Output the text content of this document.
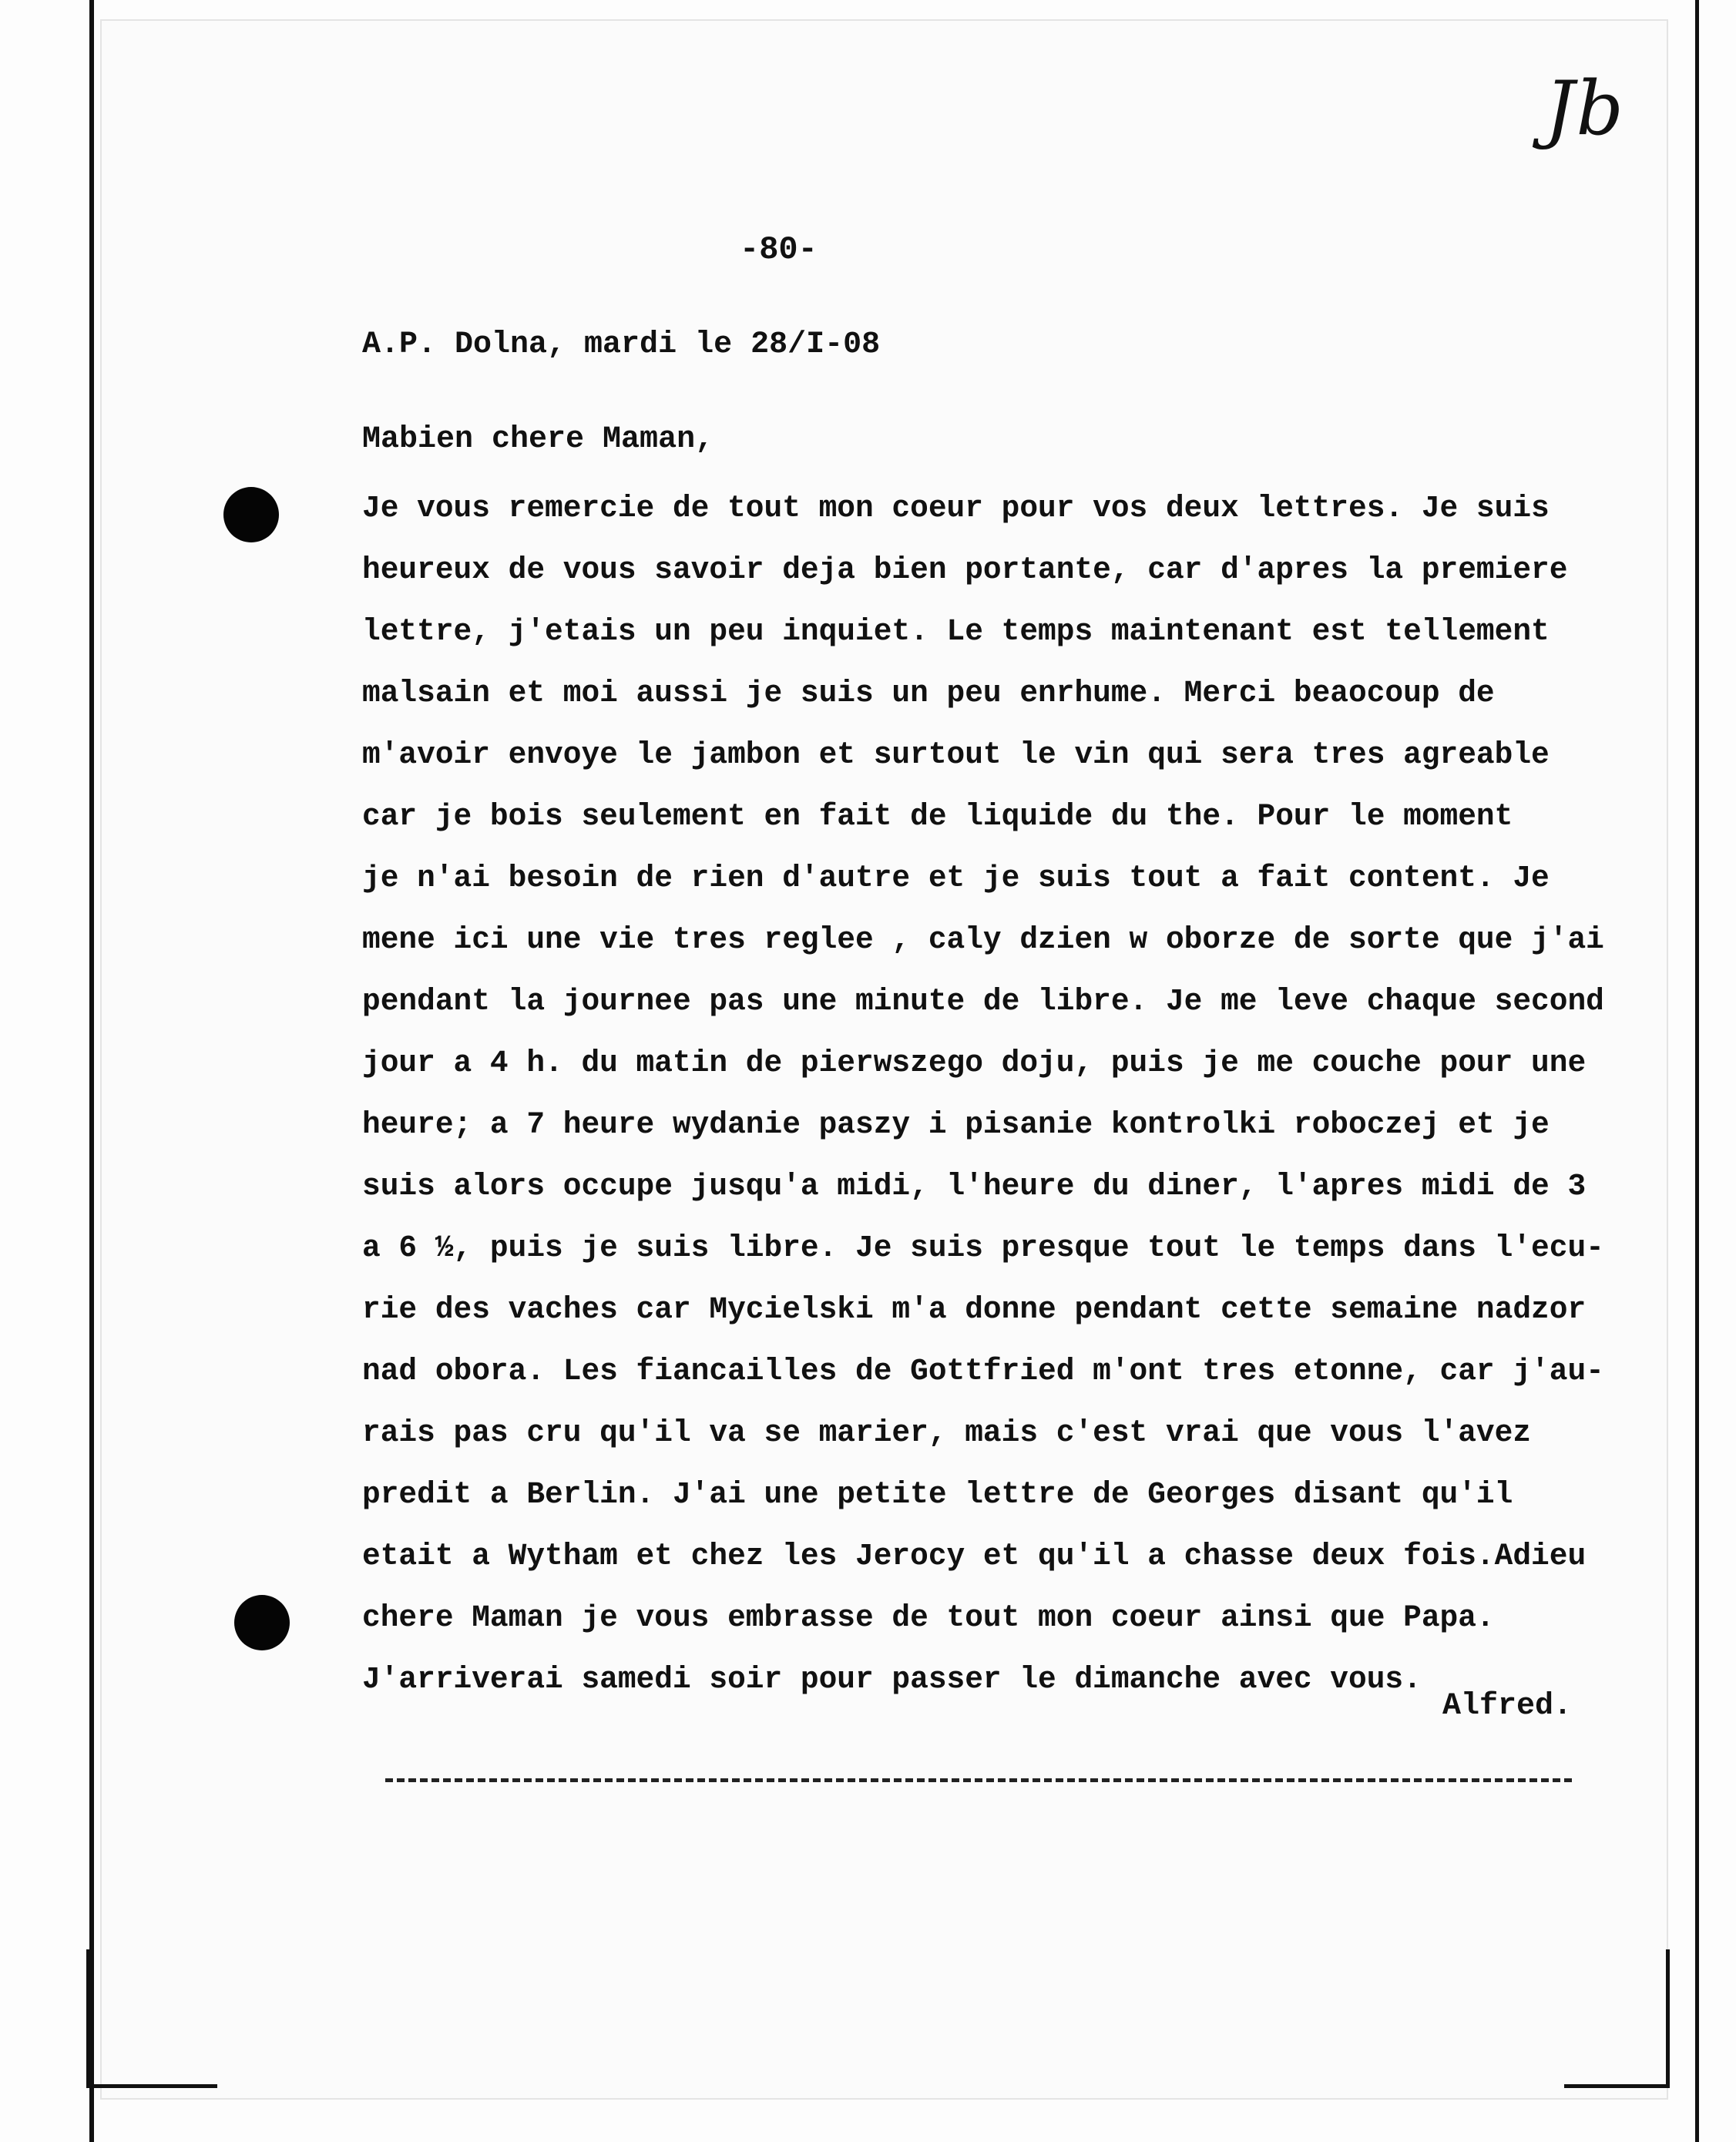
Jb
-80-
A.P. Dolna, mardi le 28/I-08
Mabien chere Maman,
Je vous remercie de tout mon coeur pour vos deux lettres. Je suis
heureux de vous savoir deja bien portante, car d'apres la premiere
lettre, j'etais un peu inquiet. Le temps maintenant est tellement
malsain et moi aussi je suis un peu enrhume. Merci beaocoup de
m'avoir envoye le jambon et surtout le vin qui sera tres agreable
car je bois seulement en fait de liquide du the. Pour le moment
je n'ai besoin de rien d'autre et je suis tout a fait content. Je
mene ici une vie tres reglee , caly dzien w oborze de sorte que j'ai
pendant la journee pas une minute de libre. Je me leve chaque second
jour a 4 h. du matin de pierwszego doju, puis je me couche pour une
heure; a 7 heure wydanie paszy i pisanie kontrolki roboczej et je
suis alors occupe jusqu'a midi, l'heure du diner, l'apres midi de 3
a 6 ½, puis je suis libre. Je suis presque tout le temps dans l'ecu-
rie des vaches car Mycielski m'a donne pendant cette semaine nadzor
nad obora. Les fiancailles de Gottfried m'ont tres etonne, car j'au-
rais pas cru qu'il va se marier, mais c'est vrai que vous l'avez
predit a Berlin. J'ai une petite lettre de Georges disant qu'il
etait a Wytham et chez les Jerocy et qu'il a chasse deux fois.Adieu
chere Maman je vous embrasse de tout mon coeur ainsi que Papa.
J'arriverai samedi soir pour passer le dimanche avec vous.
Alfred.
